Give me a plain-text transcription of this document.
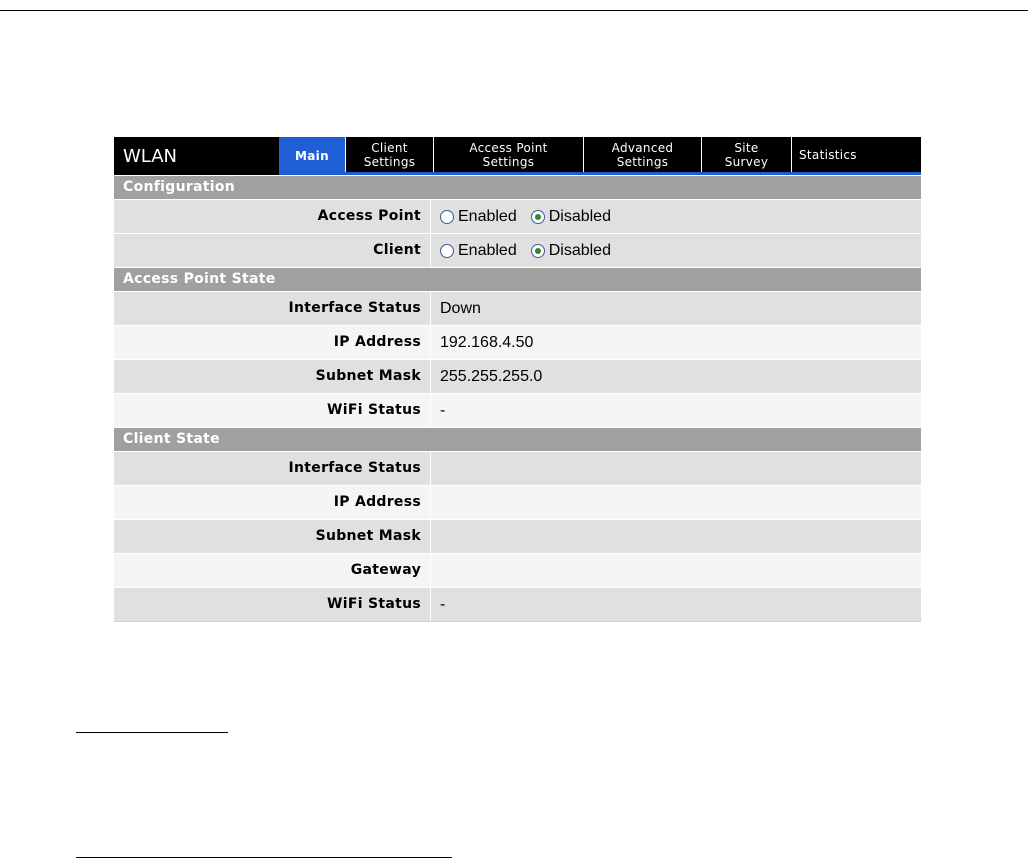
WLAN	Main
Client
Settings
Access Point
Settings
Advanced
Settings
Site
Survey	Statistics
Configuration
Access Point	Enabled Disabled
Client	Enabled Disabled
Access Point State
Interface Status	Down
IP Address	192.168.4.50
Subnet Mask	255.255.255.0
WiFi Status	-
Client State
Interface Status
IP Address
Subnet Mask
Gateway
WiFi Status	-
